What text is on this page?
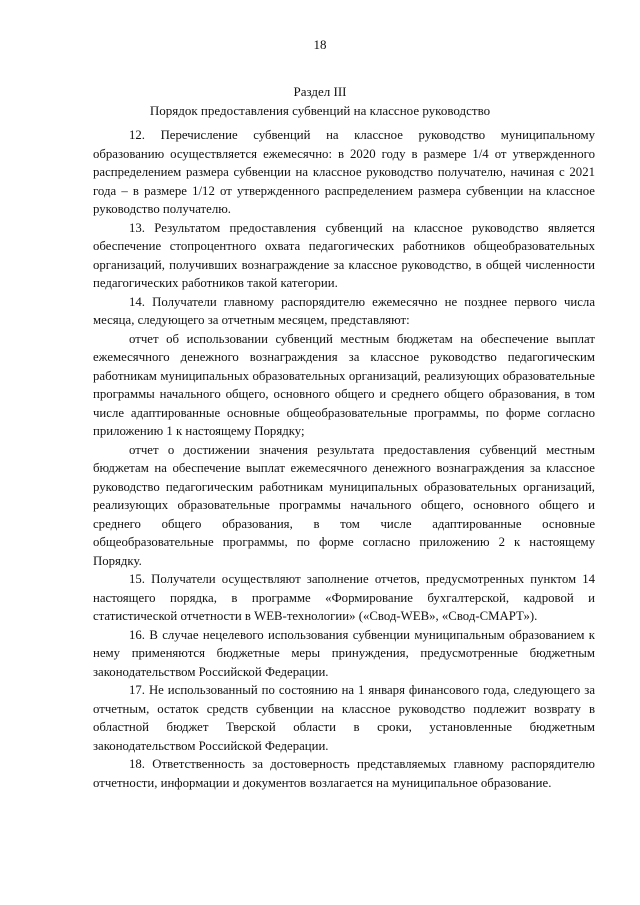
18
Раздел III
Порядок предоставления субвенций на классное руководство

12. Перечисление субвенций на классное руководство муниципальному образованию осуществляется ежемесячно: в 2020 году в размере 1/4 от утвержденного распределением размера субвенции на классное руководство получателю, начиная с 2021 года – в размере 1/12 от утвержденного распределением размера субвенции на классное руководство получателю.

13. Результатом предоставления субвенций на классное руководство является обеспечение стопроцентного охвата педагогических работников общеобразовательных организаций, получивших вознаграждение за классное руководство, в общей численности педагогических работников такой категории.

14. Получатели главному распорядителю ежемесячно не позднее первого числа месяца, следующего за отчетным месяцем, представляют:

отчет об использовании субвенций местным бюджетам на обеспечение выплат ежемесячного денежного вознаграждения за классное руководство педагогическим работникам муниципальных образовательных организаций, реализующих образовательные программы начального общего, основного общего и среднего общего образования, в том числе адаптированные основные общеобразовательные программы, по форме согласно приложению 1 к настоящему Порядку;

отчет о достижении значения результата предоставления субвенций местным бюджетам на обеспечение выплат ежемесячного денежного вознаграждения за классное руководство педагогическим работникам муниципальных образовательных организаций, реализующих образовательные программы начального общего, основного общего и среднего общего образования, в том числе адаптированные основные общеобразовательные программы, по форме согласно приложению 2 к настоящему Порядку.

15. Получатели осуществляют заполнение отчетов, предусмотренных пунктом 14 настоящего порядка, в программе «Формирование бухгалтерской, кадровой и статистической отчетности в WEB-технологии» («Свод-WEB», «Свод-СМАРТ»).

16. В случае нецелевого использования субвенции муниципальным образованием к нему применяются бюджетные меры принуждения, предусмотренные бюджетным законодательством Российской Федерации.

17. Не использованный по состоянию на 1 января финансового года, следующего за отчетным, остаток средств субвенции на классное руководство подлежит возврату в областной бюджет Тверской области в сроки, установленные бюджетным законодательством Российской Федерации.

18. Ответственность за достоверность представляемых главному распорядителю отчетности, информации и документов возлагается на муниципальное образование.
